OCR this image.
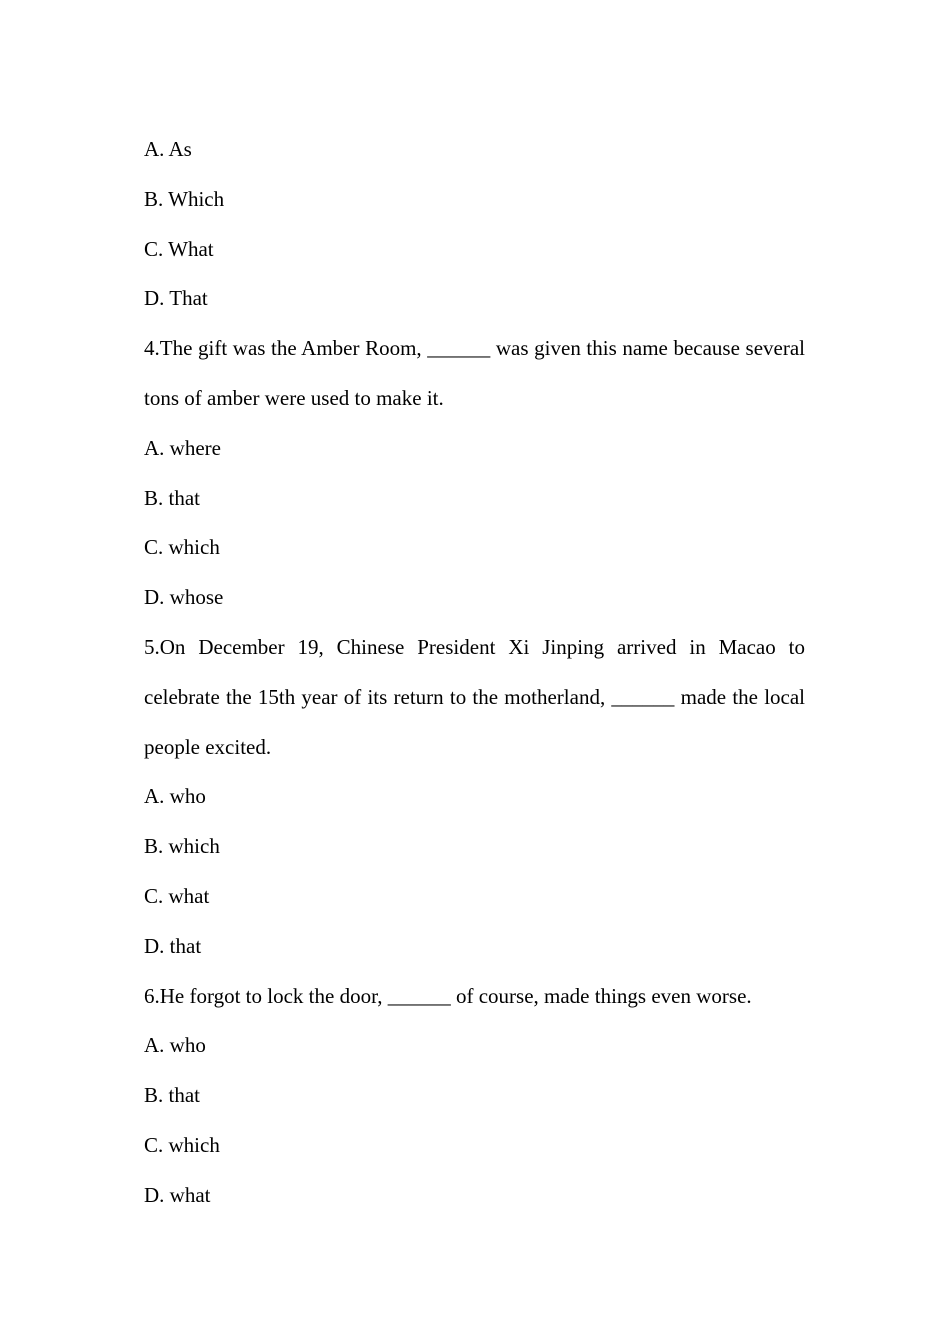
A. As

B. Which

C. What

D. That

4.The gift was the Amber Room, ______ was given this name because several tons of amber were used to make it.

A. where

B. that

C. which

D. whose

5.On December 19, Chinese President Xi Jinping arrived in Macao to celebrate the 15th year of its return to the motherland, ______ made the local people excited.

A. who

B. which

C. what

D. that

6.He forgot to lock the door, ______ of course, made things even worse.

A. who

B. that

C. which

D. what
